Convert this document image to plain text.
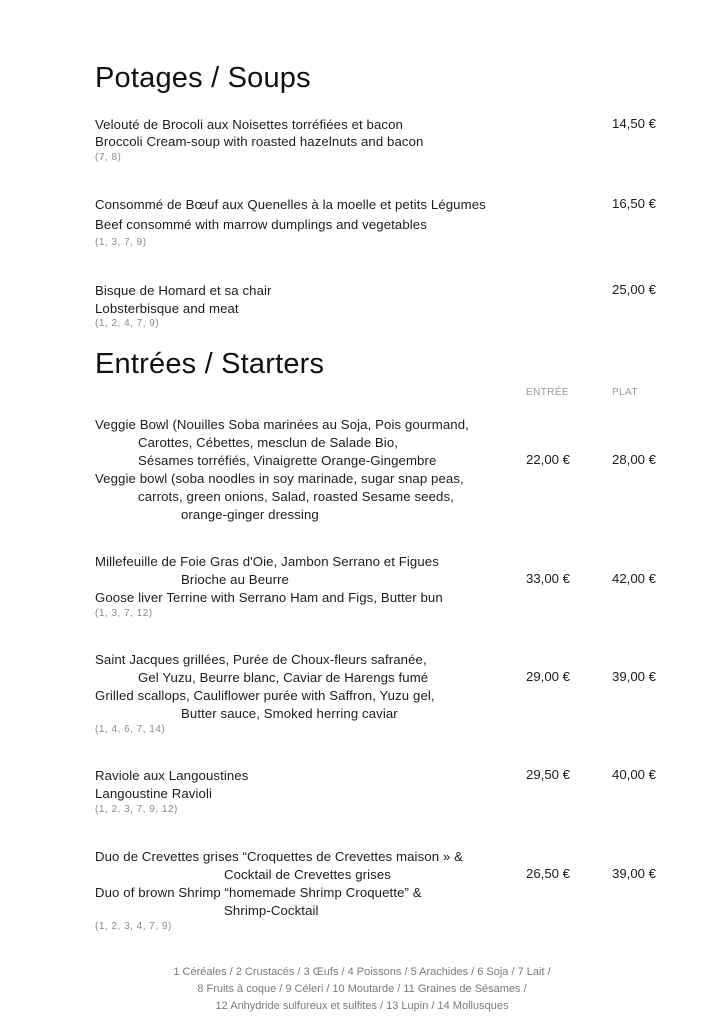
Potages / Soups
Velouté de Brocoli aux Noisettes torréfiées et bacon
Broccoli Cream-soup with roasted hazelnuts and bacon
(7, 8)
14,50 €
Consommé de Bœuf aux Quenelles à la moelle et petits Légumes
Beef consommé with marrow dumplings and vegetables
(1, 3, 7, 9)
16,50 €
Bisque de Homard et sa chair
Lobsterbisque and meat
(1, 2, 4, 7, 9)
25,00 €
Entrées / Starters
ENTRÉE	PLAT
Veggie Bowl (Nouilles Soba marinées au Soja, Pois gourmand,
Carottes, Cébettes, mesclun de Salade Bio,
Sésames torréfiés, Vinaigrette Orange-Gingembre
Veggie bowl (soba noodles in soy marinade, sugar snap peas,
carrots, green onions, Salad, roasted Sesame seeds,
orange-ginger dressing
22,00 €	28,00 €
Millefeuille de Foie Gras d'Oie, Jambon Serrano et Figues
Brioche au Beurre
Goose liver Terrine with Serrano Ham and Figs, Butter bun
(1, 3, 7, 12)
33,00 €	42,00 €
Saint Jacques grillées, Purée de Choux-fleurs safranée,
Gel Yuzu, Beurre blanc, Caviar de Harengs fumé
Grilled scallops, Cauliflower purée with Saffron, Yuzu gel,
Butter sauce, Smoked herring caviar
(1, 4, 6, 7, 14)
29,00 €	39,00 €
Raviole aux Langoustines
Langoustine Ravioli
(1, 2, 3, 7, 9, 12)
29,50 €	40,00 €
Duo de Crevettes grises “Croquettes de Crevettes maison » &
Cocktail de Crevettes grises
Duo of brown Shrimp “homemade Shrimp Croquette” &
Shrimp-Cocktail
(1, 2, 3, 4, 7, 9)
26,50 €	39,00 €
1 Céréales / 2 Crustacés / 3 Œufs / 4 Poissons / 5 Arachides / 6 Soja / 7 Lait /
8 Fruits à coque / 9 Céleri / 10 Moutarde / 11 Graines de Sésames /
12 Anhydride sulfureux et sulfites / 13 Lupin / 14 Mollusques
